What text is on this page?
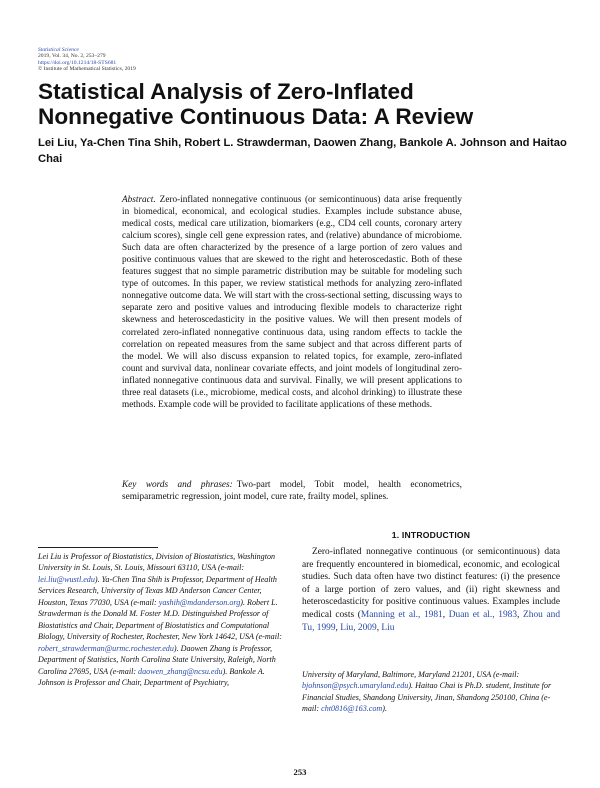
Statistical Science
2019, Vol. 34, No. 2, 253–279
https://doi.org/10.1214/18-STS681
© Institute of Mathematical Statistics, 2019
Statistical Analysis of Zero-Inflated
Nonnegative Continuous Data: A Review
Lei Liu, Ya-Chen Tina Shih, Robert L. Strawderman, Daowen Zhang, Bankole A. Johnson and Haitao Chai
Abstract. Zero-inflated nonnegative continuous (or semicontinuous) data arise frequently in biomedical, economical, and ecological studies. Examples include substance abuse, medical costs, medical care utilization, biomarkers (e.g., CD4 cell counts, coronary artery calcium scores), single cell gene expression rates, and (relative) abundance of microbiome. Such data are often characterized by the presence of a large portion of zero values and positive continuous values that are skewed to the right and heteroscedastic. Both of these features suggest that no simple parametric distribution may be suitable for modeling such type of outcomes. In this paper, we review statistical methods for analyzing zero-inflated nonnegative outcome data. We will start with the cross-sectional setting, discussing ways to separate zero and positive values and introducing flexible models to characterize right skewness and heteroscedasticity in the positive values. We will then present models of correlated zero-inflated nonnegative continuous data, using random effects to tackle the correlation on repeated measures from the same subject and that across different parts of the model. We will also discuss expansion to related topics, for example, zero-inflated count and survival data, nonlinear covariate effects, and joint models of longitudinal zero-inflated nonnegative continuous data and survival. Finally, we will present applications to three real datasets (i.e., microbiome, medical costs, and alcohol drinking) to illustrate these methods. Example code will be provided to facilitate applications of these methods.
Key words and phrases: Two-part model, Tobit model, health econometrics, semiparametric regression, joint model, cure rate, frailty model, splines.
1. INTRODUCTION
Lei Liu is Professor of Biostatistics, Division of Biostatistics, Washington University in St. Louis, St. Louis, Missouri 63110, USA (e-mail: lei.liu@wustl.edu). Ya-Chen Tina Shih is Professor, Department of Health Services Research, University of Texas MD Anderson Cancer Center, Houston, Texas 77030, USA (e-mail: yashih@mdanderson.org). Robert L. Strawderman is the Donald M. Foster M.D. Distinguished Professor of Biostatistics and Chair, Department of Biostatistics and Computational Biology, University of Rochester, Rochester, New York 14642, USA (e-mail: robert_strawderman@urmc.rochester.edu). Daowen Zhang is Professor, Department of Statistics, North Carolina State University, Raleigh, North Carolina 27695, USA (e-mail: daowen_zhang@ncsu.edu). Bankole A. Johnson is Professor and Chair, Department of Psychiatry,
Zero-inflated nonnegative continuous (or semicontinuous) data are frequently encountered in biomedical, economic, and ecological studies. Such data often have two distinct features: (i) the presence of a large portion of zero values, and (ii) right skewness and heteroscedasticity for positive continuous values. Examples include medical costs (Manning et al., 1981, Duan et al., 1983, Zhou and Tu, 1999, Liu, 2009, Liu
University of Maryland, Baltimore, Maryland 21201, USA (e-mail: bjohnson@psych.umaryland.edu). Haitao Chai is Ph.D. student, Institute for Financial Studies, Shandong University, Jinan, Shandong 250100, China (e-mail: cht0816@163.com).
253
